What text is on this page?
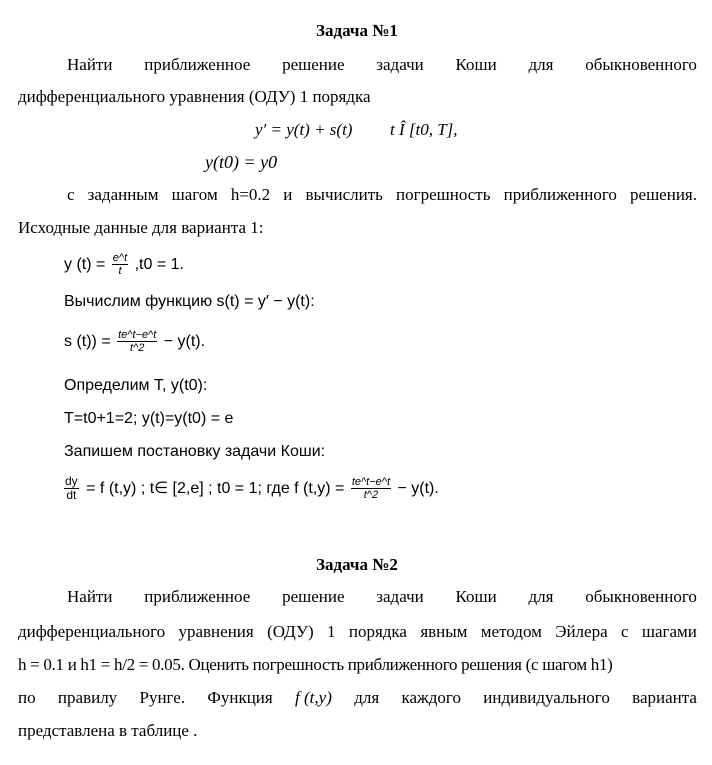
Задача №1
Найти приближенное решение задачи Коши для обыкновенного
дифференциального уравнения (ОДУ) 1 порядка
y′ = y(t) + s(t) t Î [t0, T],
y(t0) = y0
с заданным шагом h=0.2 и вычислить погрешность приближенного решения.
Исходные данные для варианта 1:
y $(t) = \frac{e\^{}t}{t} ,t0 = 1$.
Вычислим функцию s(t) = y′ − y(t):
s $(t)) = \frac{te\^{}t-e\^{}t}{t\^{}2} - y(t)$.
Определим T, y(t0):
T=t0+1=2; y(t)=y(t0) = e
Запишем постановку задачи Коши:
$\frac{dy}{dt} = f$ (t,y) ; t∈ [2,e] ; t0 = 1; где f $(t,y) = \frac{te\^{}t-e\^{}t}{t\^{}2} - y(t)$.
Задача №2
Найти приближенное решение задачи Коши для обыкновенного
дифференциального уравнения (ОДУ) 1 порядка явным методом Эйлера с шагами
h = 0.1 и h1 = h/2 = 0.05. Оценить погрешность приближенного решения (с шагом h1)
по правилу Рунге. Функция f (t,y) для каждого индивидуального варианта
представлена в таблице .
